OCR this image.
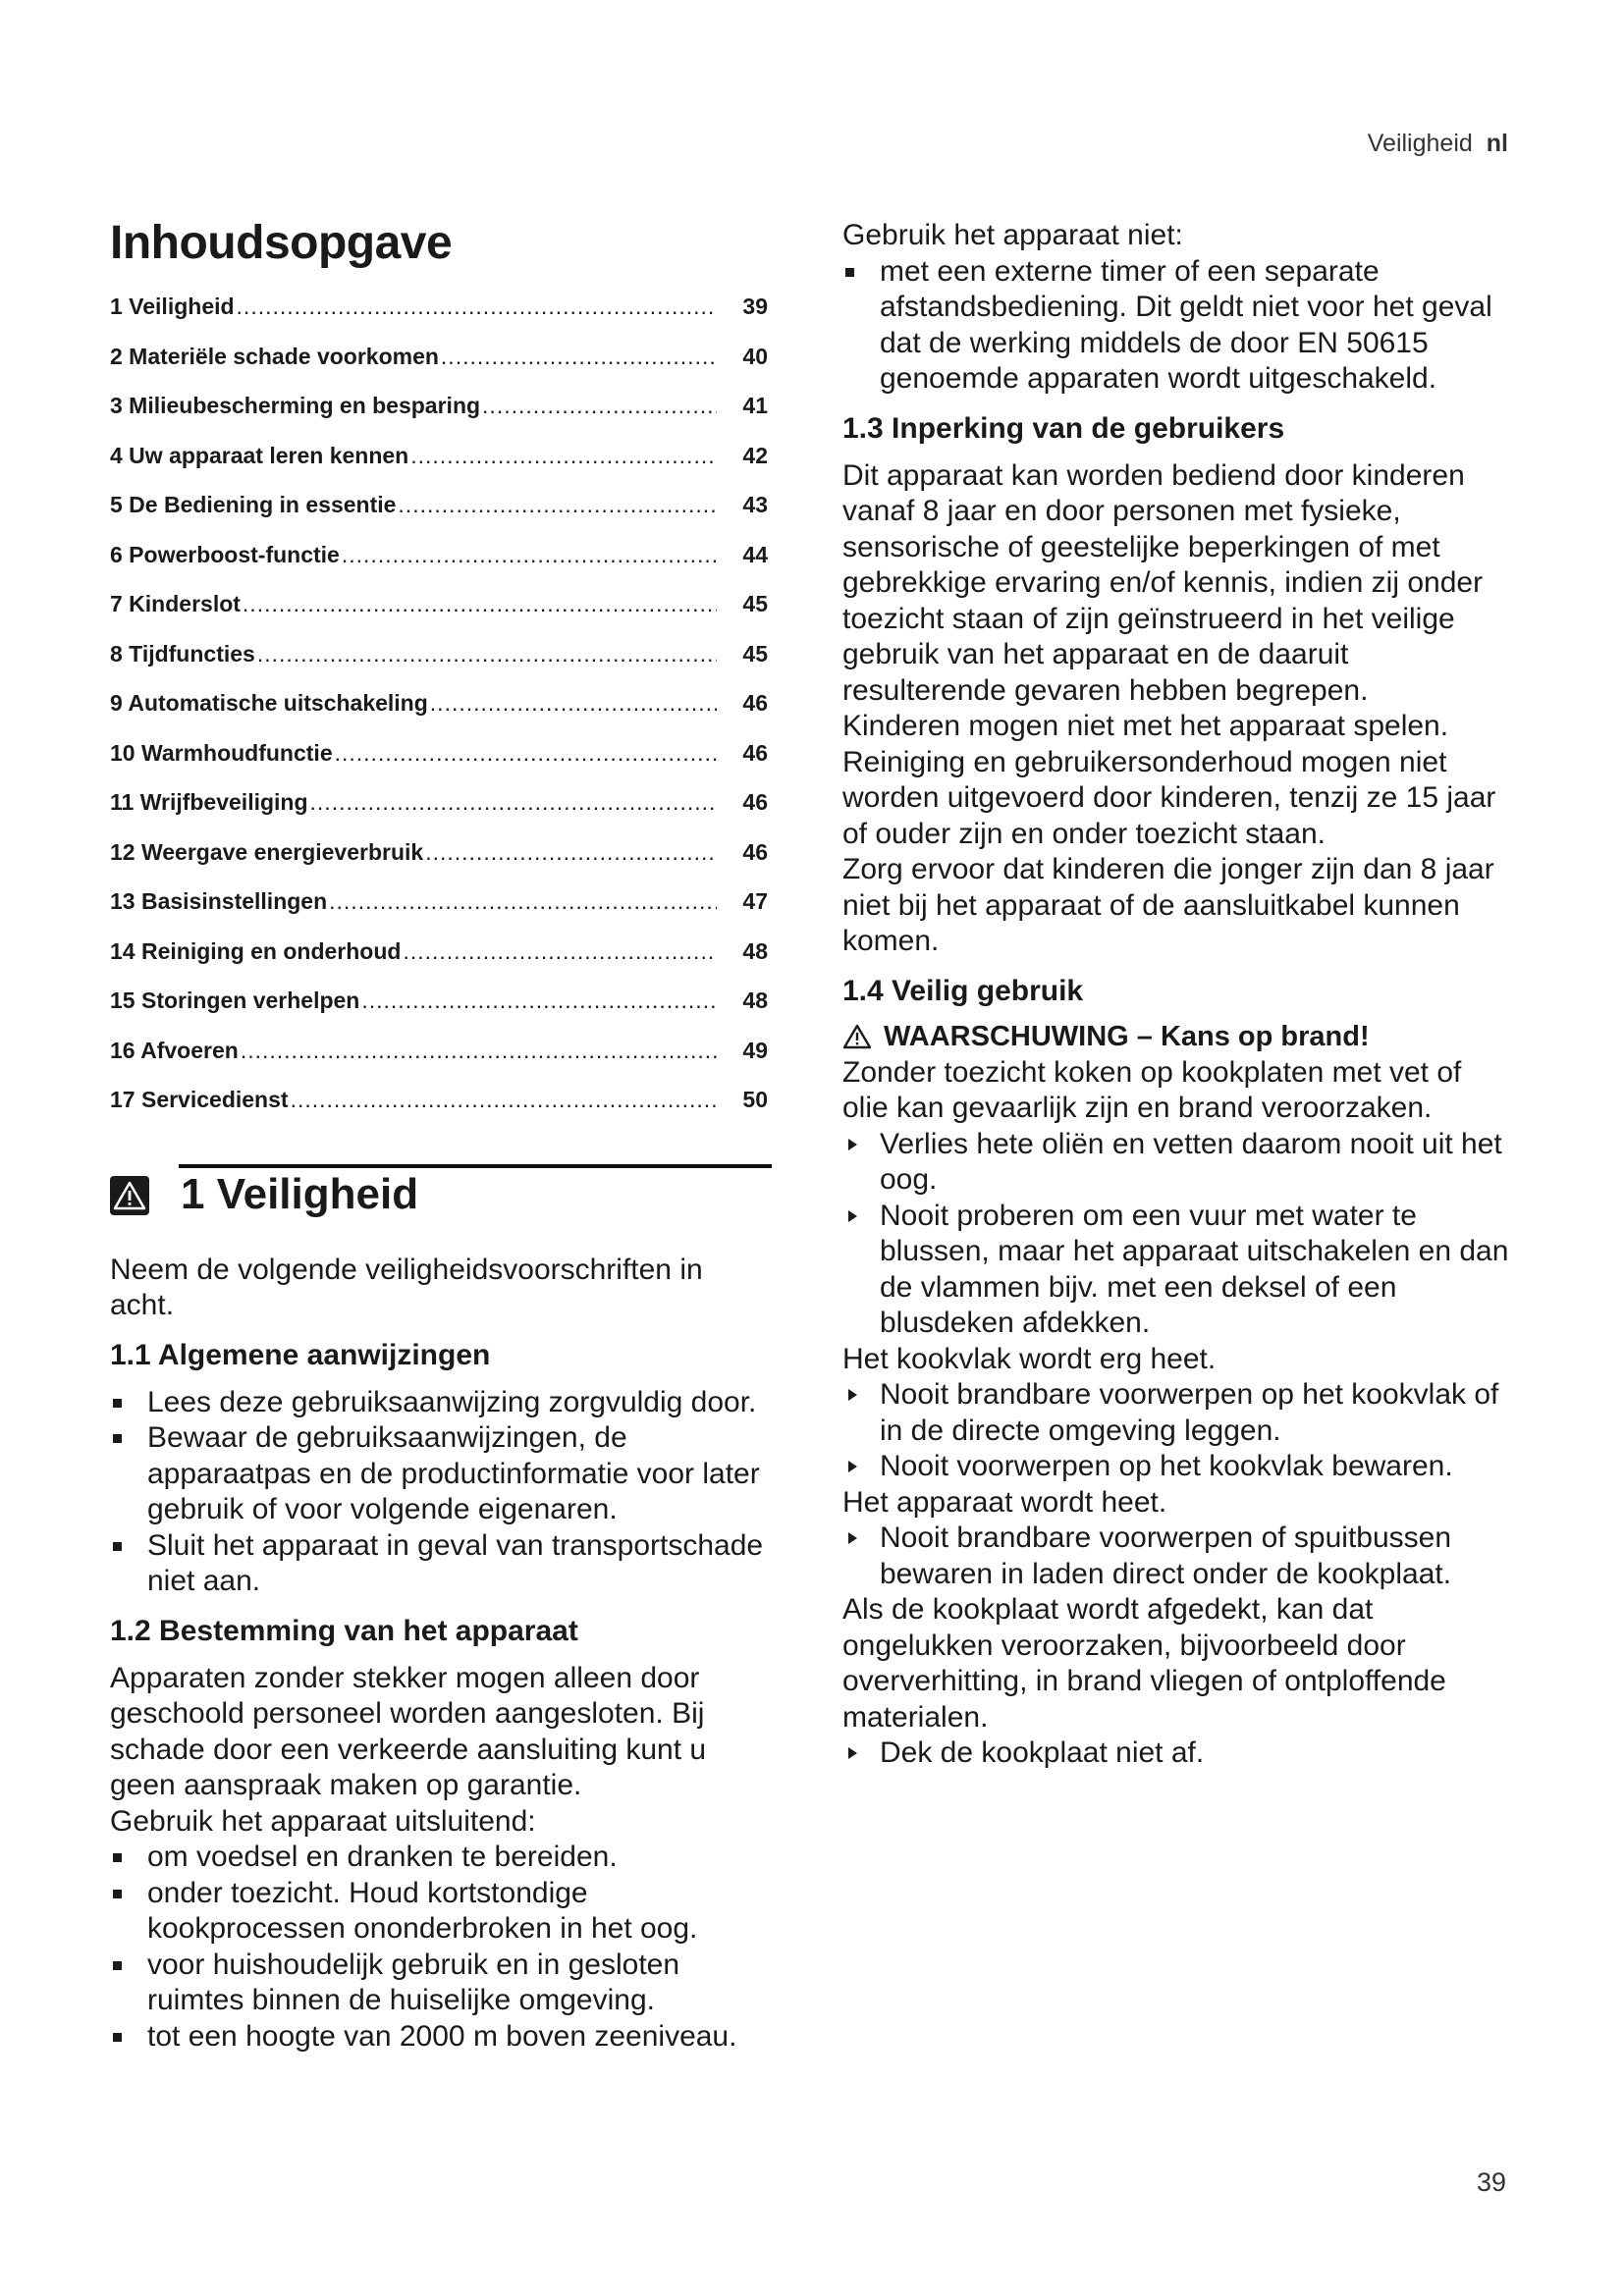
Veiligheid nl
Inhoudsopgave
1 Veiligheid .....	39
2 Materiële schade voorkomen .....	40
3 Milieubescherming en besparing .....	41
4 Uw apparaat leren kennen .....	42
5 De Bediening in essentie .....	43
6 Powerboost-functie .....	44
7 Kinderslot .....	45
8 Tijdfuncties .....	45
9 Automatische uitschakeling .....	46
10 Warmhoudfunctie .....	46
11 Wrijfbeveiliging .....	46
12 Weergave energieverbruik .....	46
13 Basisinstellingen .....	47
14 Reiniging en onderhoud .....	48
15 Storingen verhelpen .....	48
16 Afvoeren .....	49
17 Servicedienst .....	50
1 Veiligheid

Neem de volgende veiligheidsvoorschriften in acht.

1.1 Algemene aanwijzingen
Lees deze gebruiksaanwijzing zorgvuldig door.
Bewaar de gebruiksaanwijzingen, de apparaatpas en de productinformatie voor later gebruik of voor volgende eigenaren.
Sluit het apparaat in geval van transportschade niet aan.
1.2 Bestemming van het apparaat

Apparaten zonder stekker mogen alleen door geschoold personeel worden aangesloten. Bij schade door een verkeerde aansluiting kunt u geen aanspraak maken op garantie.

Gebruik het apparaat uitsluitend:

om voedsel en dranken te bereiden.
onder toezicht. Houd kortstondige kookprocessen ononderbroken in het oog.
voor huishoudelijk gebruik en in gesloten ruimtes binnen de huiselijke omgeving.
tot een hoogte van 2000 m boven zeeniveau.

Gebruik het apparaat niet:

met een externe timer of een separate afstandsbediening. Dit geldt niet voor het geval dat de werking middels de door EN 50615 genoemde apparaten wordt uitgeschakeld.
1.3 Inperking van de gebruikers

Dit apparaat kan worden bediend door kinderen vanaf 8 jaar en door personen met fysieke, sensorische of geestelijke beperkingen of met gebrekkige ervaring en/of kennis, indien zij onder toezicht staan of zijn geïnstrueerd in het veilige gebruik van het apparaat en de daaruit resulterende gevaren hebben begrepen.

Kinderen mogen niet met het apparaat spelen.

Reiniging en gebruikersonderhoud mogen niet worden uitgevoerd door kinderen, tenzij ze 15 jaar of ouder zijn en onder toezicht staan.

Zorg ervoor dat kinderen die jonger zijn dan 8 jaar niet bij het apparaat of de aansluitkabel kunnen komen.

1.4 Veilig gebruik
WAARSCHUWING – Kans op brand!

Zonder toezicht koken op kookplaten met vet of olie kan gevaarlijk zijn en brand veroorzaken.

Verlies hete oliën en vetten daarom nooit uit het oog.
Nooit proberen om een vuur met water te blussen, maar het apparaat uitschakelen en dan de vlammen bijv. met een deksel of een blusdeken afdekken.

Het kookvlak wordt erg heet.

Nooit brandbare voorwerpen op het kookvlak of in de directe omgeving leggen.
Nooit voorwerpen op het kookvlak bewaren.

Het apparaat wordt heet.

Nooit brandbare voorwerpen of spuitbussen bewaren in laden direct onder de kookplaat.

Als de kookplaat wordt afgedekt, kan dat ongelukken veroorzaken, bijvoorbeeld door oververhitting, in brand vliegen of ontploffende materialen.

Dek de kookplaat niet af.
39
